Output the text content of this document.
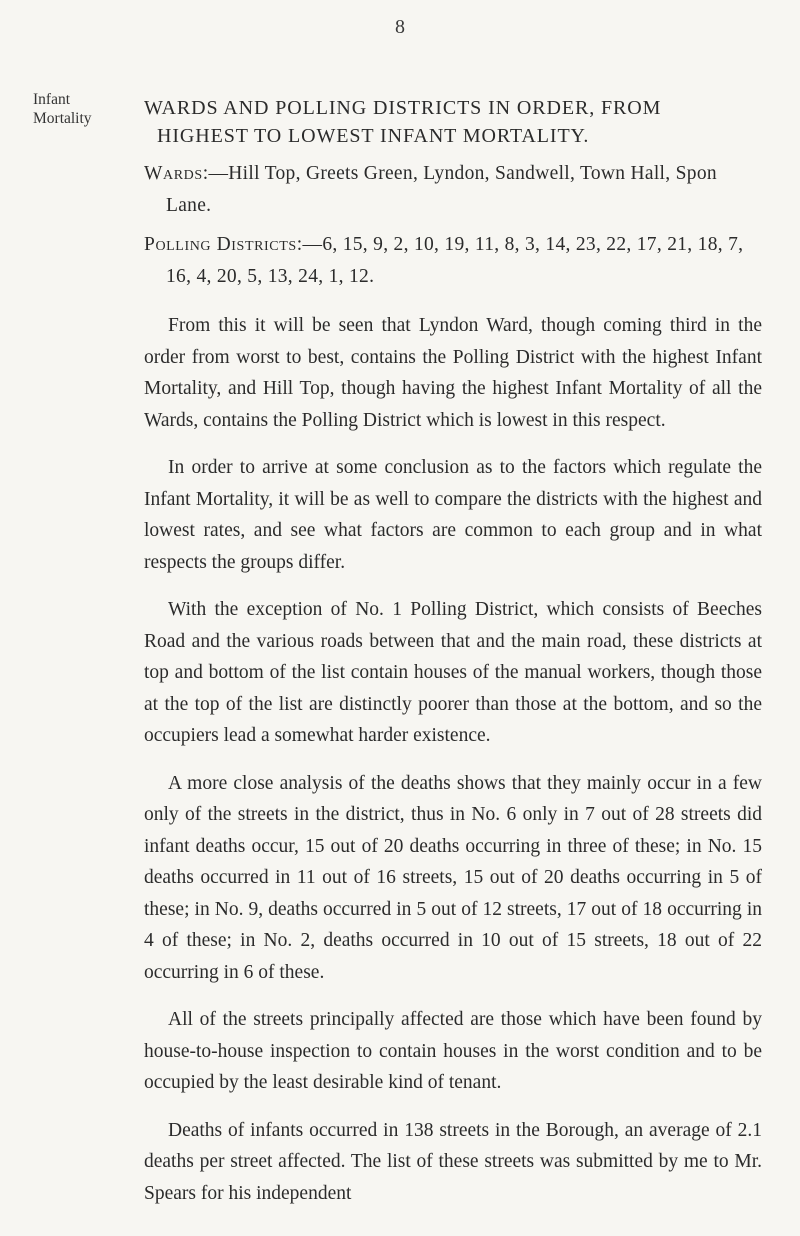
8
Infant Mortality	WARDS AND POLLING DISTRICTS IN ORDER, FROM
HIGHEST TO LOWEST INFANT MORTALITY.

Wards:—Hill Top, Greets Green, Lyndon, Sandwell, Town Hall, Spon Lane.

Polling Districts:—6, 15, 9, 2, 10, 19, 11, 8, 3, 14, 23, 22, 17, 21, 18, 7, 16, 4, 20, 5, 13, 24, 1, 12.

From this it will be seen that Lyndon Ward, though coming third in the order from worst to best, contains the Polling District with the highest Infant Mortality, and Hill Top, though having the highest Infant Mortality of all the Wards, contains the Polling District which is lowest in this respect.

In order to arrive at some conclusion as to the factors which regulate the Infant Mortality, it will be as well to compare the districts with the highest and lowest rates, and see what factors are common to each group and in what respects the groups differ.

With the exception of No. 1 Polling District, which consists of Beeches Road and the various roads between that and the main road, these districts at top and bottom of the list contain houses of the manual workers, though those at the top of the list are distinctly poorer than those at the bottom, and so the occupiers lead a somewhat harder existence.

A more close analysis of the deaths shows that they mainly occur in a few only of the streets in the district, thus in No. 6 only in 7 out of 28 streets did infant deaths occur, 15 out of 20 deaths occurring in three of these; in No. 15 deaths occurred in 11 out of 16 streets, 15 out of 20 deaths occurring in 5 of these; in No. 9, deaths occurred in 5 out of 12 streets, 17 out of 18 occurring in 4 of these; in No. 2, deaths occurred in 10 out of 15 streets, 18 out of 22 occurring in 6 of these.

All of the streets principally affected are those which have been found by house-to-house inspection to contain houses in the worst condition and to be occupied by the least desirable kind of tenant.

Deaths of infants occurred in 138 streets in the Borough, an average of 2.1 deaths per street affected. The list of these streets was submitted by me to Mr. Spears for his independent
